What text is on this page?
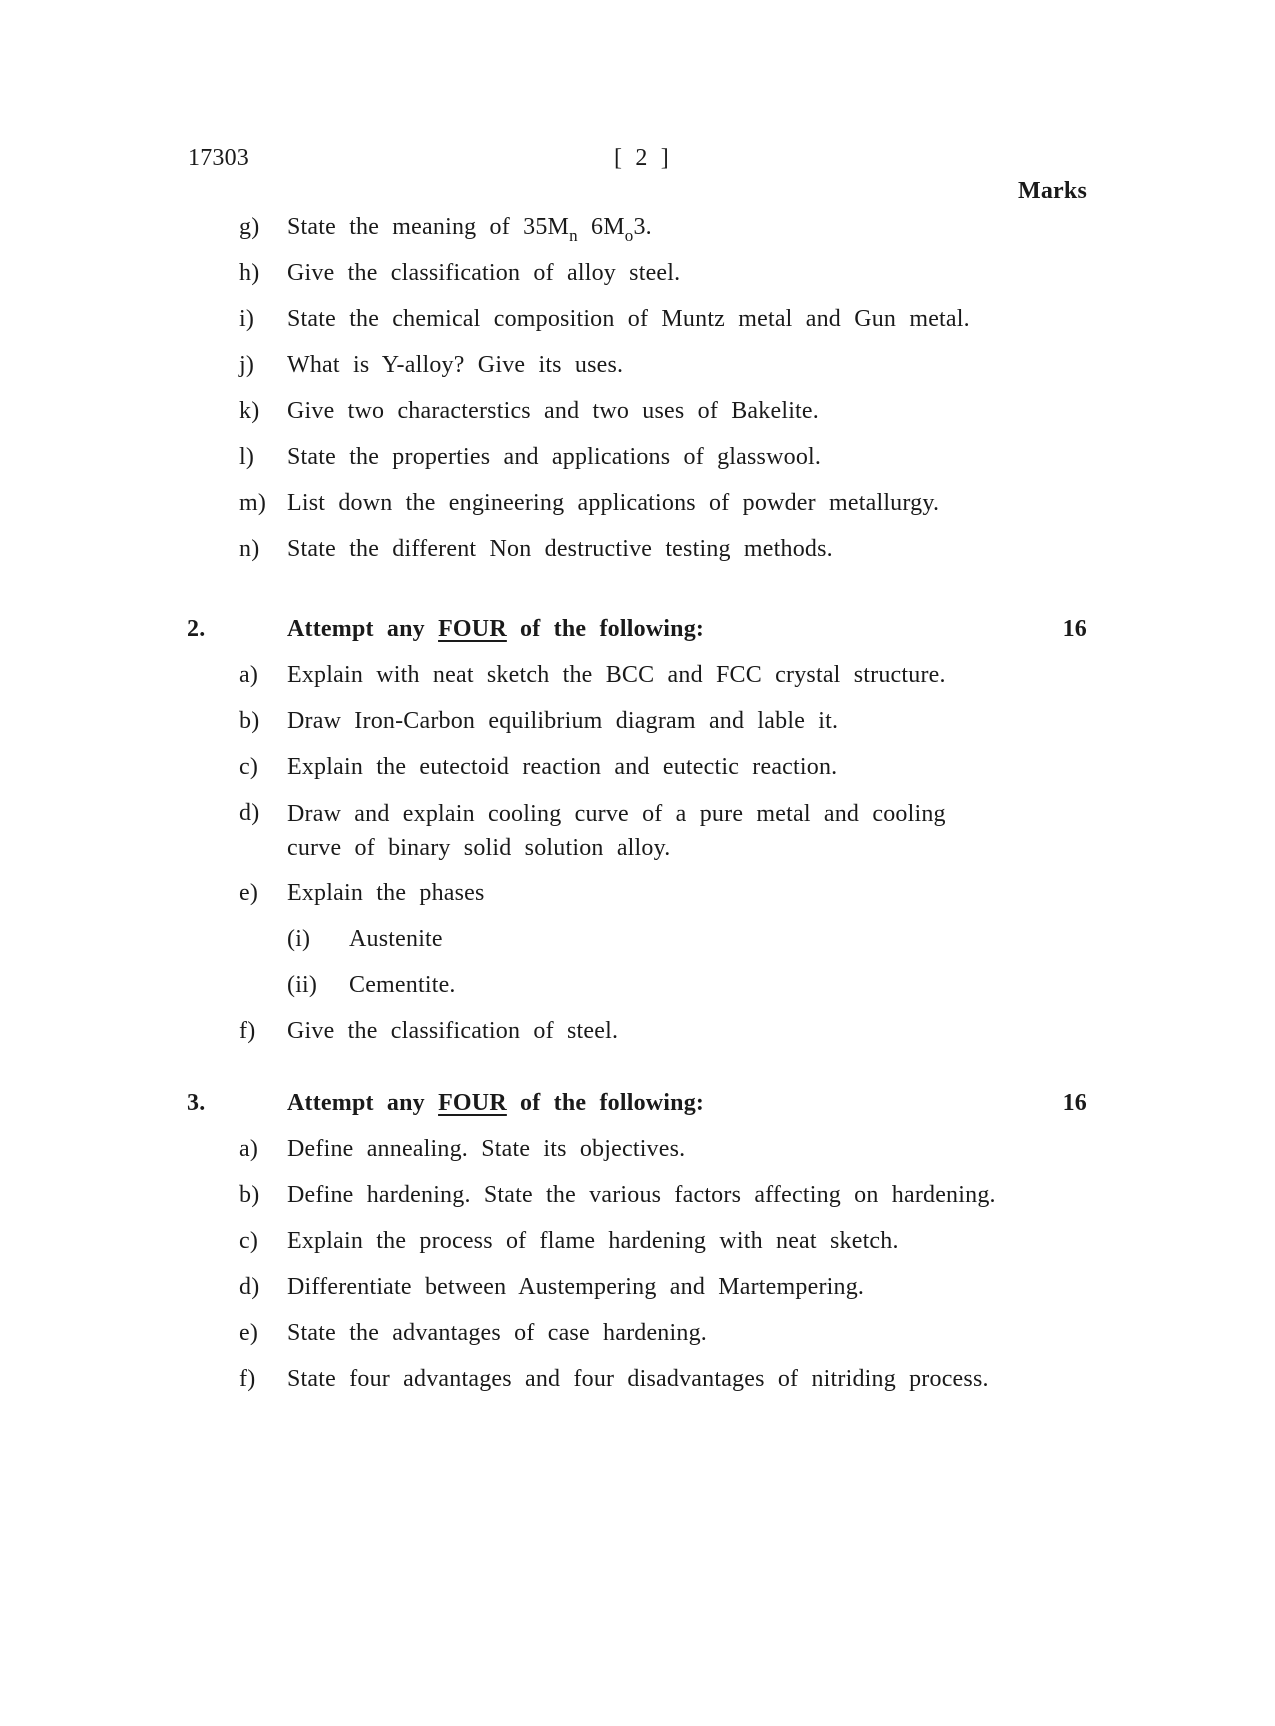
17303	[ 2 ]
Marks
g) State the meaning of $35M_n$ $6M_o3$.
h) Give the classification of alloy steel.
i) State the chemical composition of Muntz metal and Gun metal.
j) What is Y-alloy? Give its uses.
k) Give two characterstics and two uses of Bakelite.
l) State the properties and applications of glasswool.
m) List down the engineering applications of powder metallurgy.
n) State the different Non destructive testing methods.
2.	Attempt any FOUR of the following:	16
a) Explain with neat sketch the BCC and FCC crystal structure.
b) Draw Iron-Carbon equilibrium diagram and lable it.
c) Explain the eutectoid reaction and eutectic reaction.
d) Draw and explain cooling curve of a pure metal and cooling curve of binary solid solution alloy.
e) Explain the phases
(i) Austenite
(ii) Cementite.
f) Give the classification of steel.
3.	Attempt any FOUR of the following:	16
a) Define annealing. State its objectives.
b) Define hardening. State the various factors affecting on hardening.
c) Explain the process of flame hardening with neat sketch.
d) Differentiate between Austempering and Martempering.
e) State the advantages of case hardening.
f) State four advantages and four disadvantages of nitriding process.
